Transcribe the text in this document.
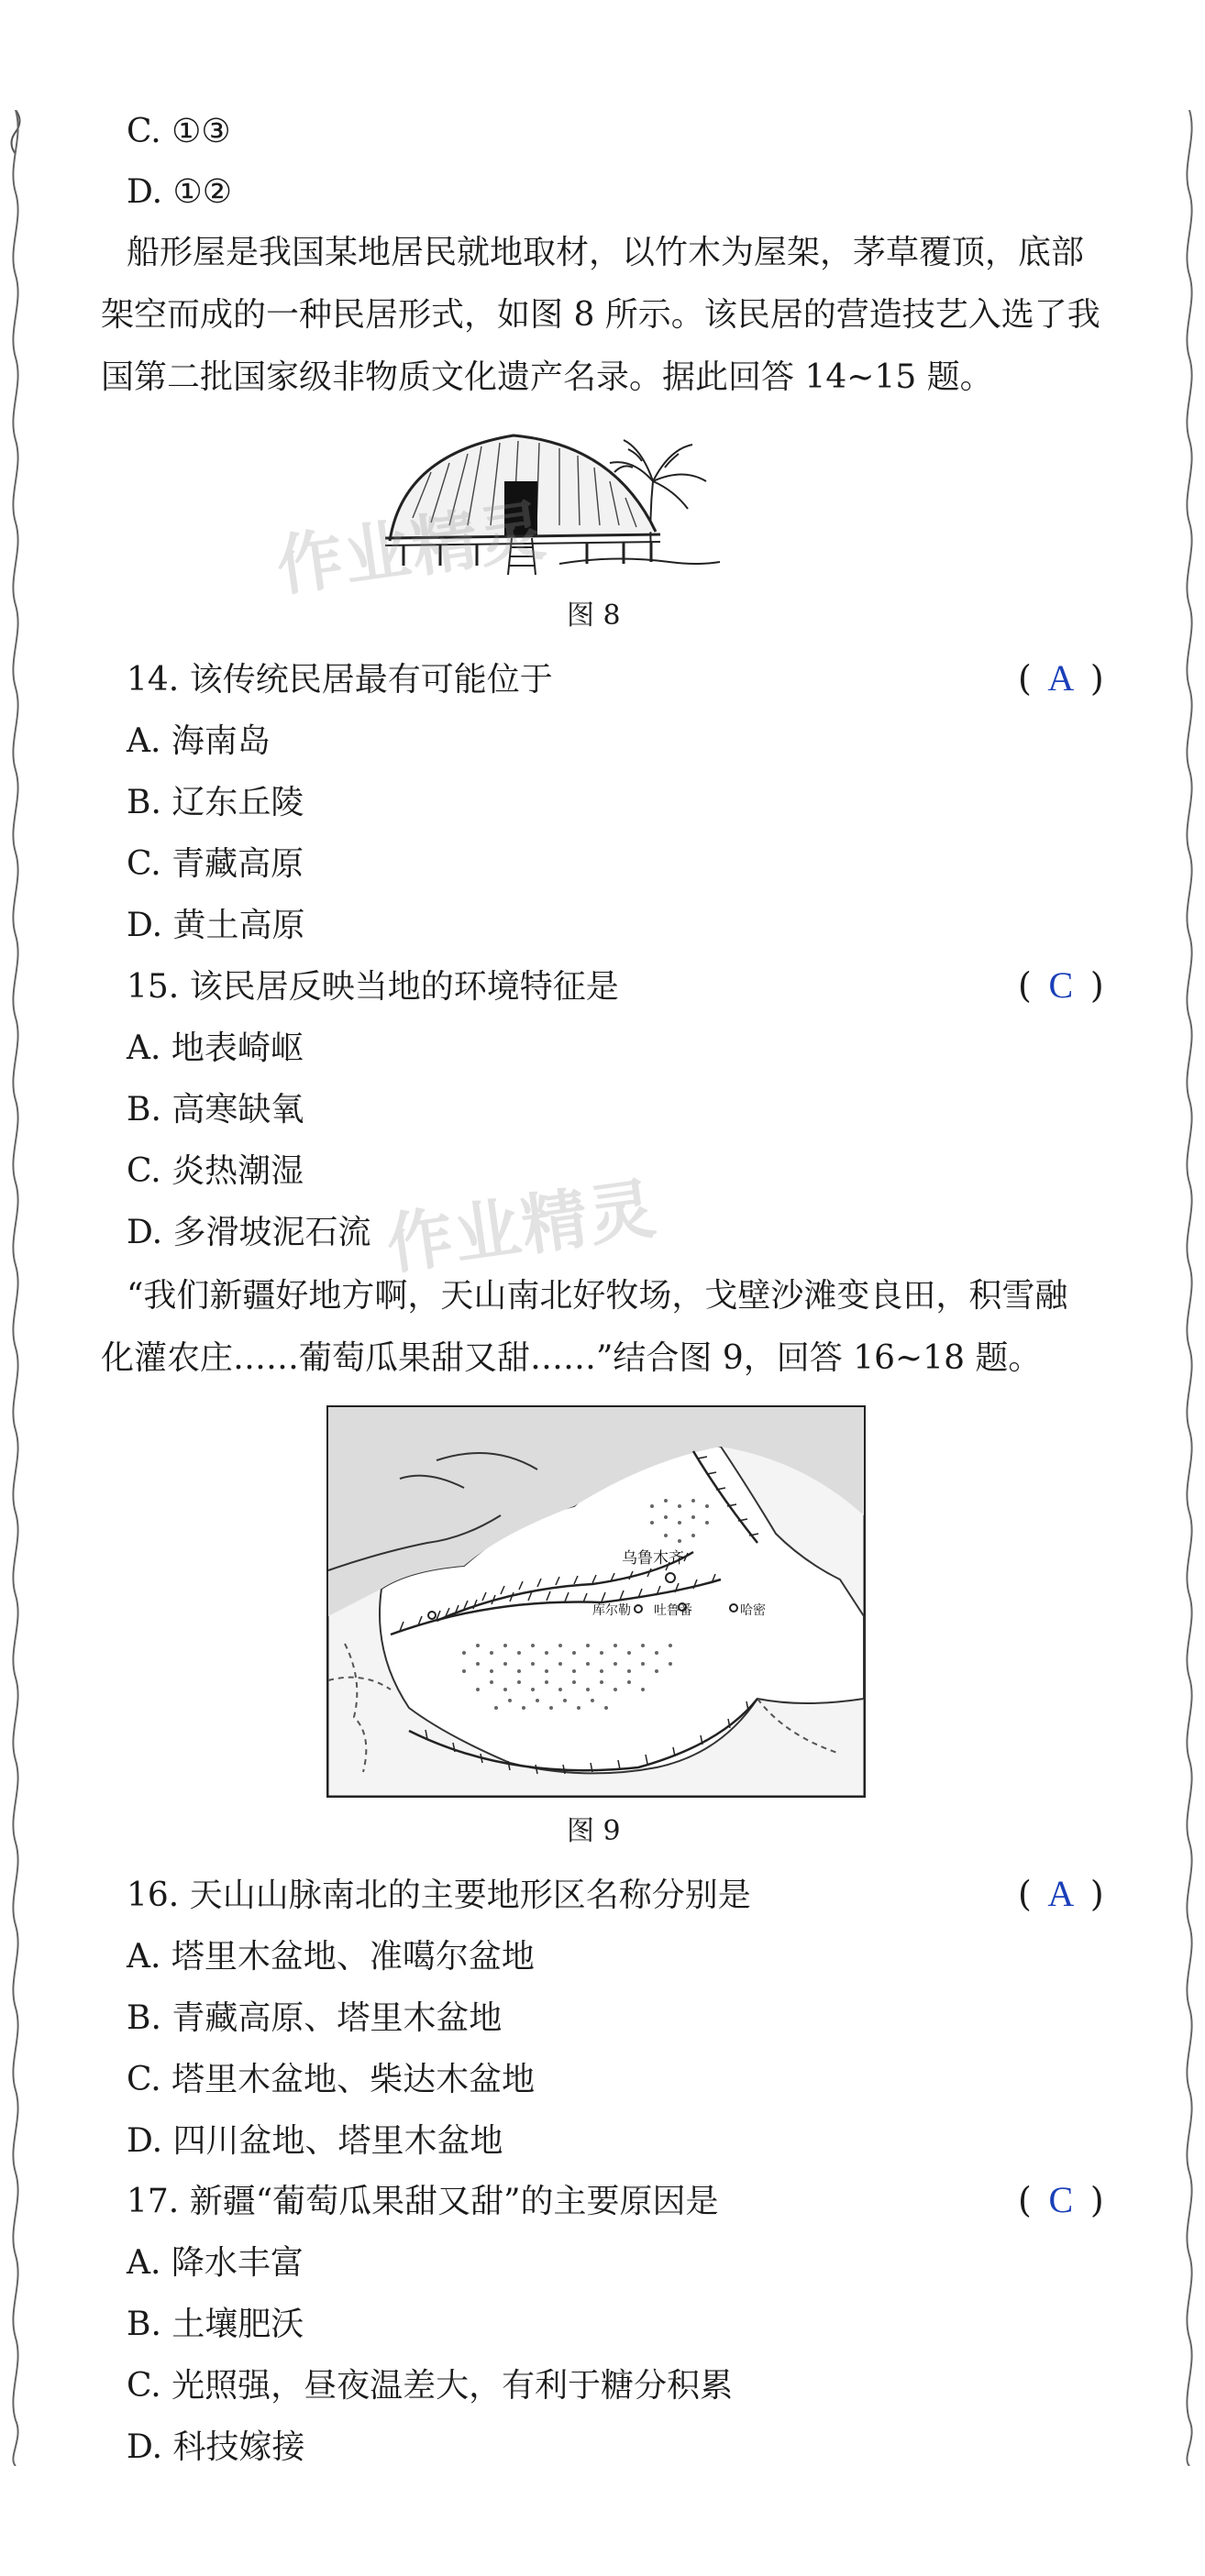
C. ①③
D. ①②
船形屋是我国某地居民就地取材，以竹木为屋架，茅草覆顶，底部
架空而成的一种民居形式，如图 8 所示。该民居的营造技艺入选了我
国第二批国家级非物质文化遗产名录。据此回答 14~15 题。
图 8
14. 该传统民居最有可能位于	( A )
A. 海南岛
B. 辽东丘陵
C. 青藏高原
D. 黄土高原
15. 该民居反映当地的环境特征是	( C )
A. 地表崎岖
B. 高寒缺氧
C. 炎热潮湿
D. 多滑坡泥石流
作业精灵
作业精灵
“我们新疆好地方啊，天山南北好牧场，戈壁沙滩变良田，积雪融
化灌农庄……葡萄瓜果甜又甜……”结合图 9，回答 16~18 题。
乌鲁木齐
库尔勒 吐鲁番	哈密
图 9
16. 天山山脉南北的主要地形区名称分别是	( A )
A. 塔里木盆地、准噶尔盆地
B. 青藏高原、塔里木盆地
C. 塔里木盆地、柴达木盆地
D. 四川盆地、塔里木盆地
17. 新疆“葡萄瓜果甜又甜”的主要原因是	( C )
A. 降水丰富
B. 土壤肥沃
C. 光照强，昼夜温差大，有利于糖分积累
D. 科技嫁接
